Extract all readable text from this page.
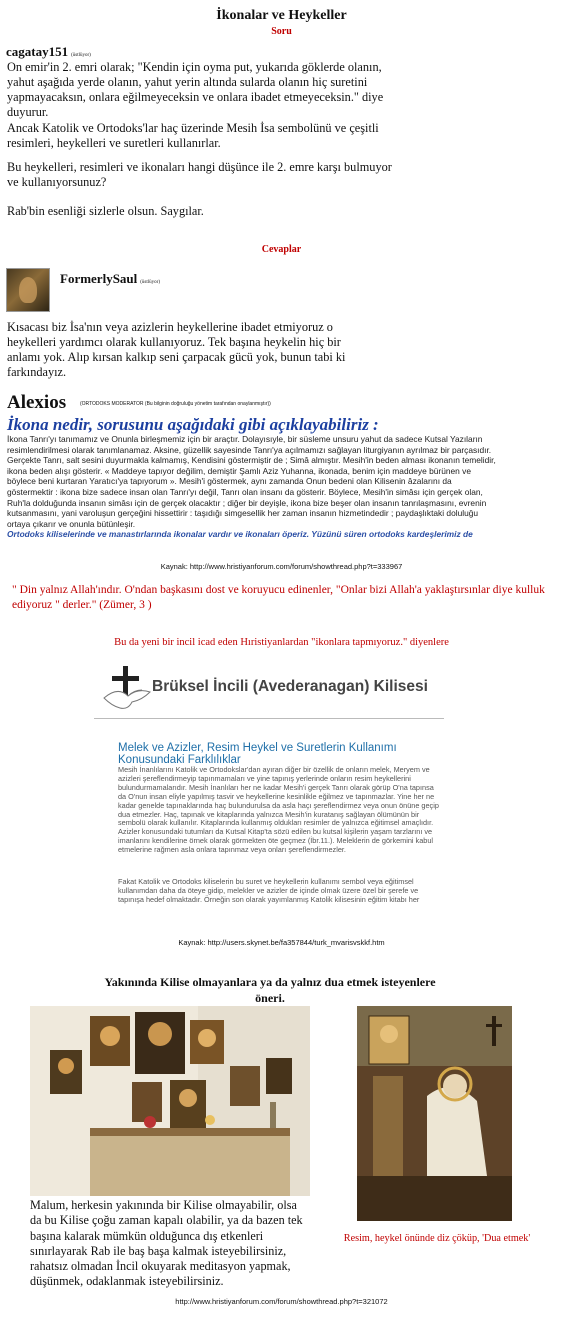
İkonalar ve Heykeller
Soru
cagatay151 (üstlüyor)
On emir'in 2. emri olarak; "Kendin için oyma put, yukarıda göklerde olanın, yahut aşağıda yerde olanın, yahut yerin altında sularda olanın hiç suretini yapmayacaksın, onlara eğilmeyeceksin ve onlara ibadet etmeyeceksin." diye duyurur.
Ancak Katolik ve Ortodoks'lar haç üzerinde Mesih İsa sembolünü ve çeşitli resimleri, heykelleri ve suretleri kullanırlar.
Bu heykelleri, resimleri ve ikonaları hangi düşünce ile 2. emre karşı bulmuyor ve kullanıyorsunuz?
Rab'bin esenliği sizlerle olsun. Saygılar.
Cevaplar
FormerlySaul (üstlüyor)
Kısacası biz İsa'nın veya azizlerin heykellerine ibadet etmiyoruz o heykelleri yardımcı olarak kullanıyoruz. Tek başına heykelin hiç bir anlamı yok. Alıp kırsan kalkıp seni çarpacak gücü yok, bunun tabi ki farkındayız.
Alexios	(ORTODOKS MODERATOR (Bu bilginin doğruluğu yönetim tarafından onaylanmıştır))
İkona nedir, sorusunu aşağıdaki gibi açıklayabiliriz :
İkona Tanrı'yı tanımamız ve Onunla birleşmemiz için bir araçtır. Dolayısıyle, bir süsleme unsuru yahut da sadece Kutsal Yazıların resimlendirilmesi olarak tanımlanamaz. Aksine, güzellik sayesinde Tanrı'ya açılmamızı sağlayan liturgiyanın ayrılmaz bir parçasıdır. Gerçekte Tanrı, salt sesini duyurmakla kalmamış, Kendisini göstermiştir de ; Simâ almıştır. Mesih'in beden alması ikonanın temelidir, ikona beden alışı gösterir. « Maddeye tapıyor değilim, demiştir Şamlı Aziz Yuhanna, ikonada, benim için maddeye bürünen ve böylece beni kurtaran Yaratıcı'ya tapıyorum ». Mesih'i göstermek, aynı zamanda Onun bedeni olan Kilisenin âzalarını da göstermektir : ikona bize sadece insan olan Tanrı'yı değil, Tanrı olan insanı da gösterir. Böylece, Mesih'in simâsı için gerçek olan, Ruh'la dolduğunda insanın simâsı için de gerçek olacaktır ; diğer bir deyişle, ikona bize beşer olan insanın tanrılaşmasını, evrenin kutsanmasını, yani varoluşun gerçeğini hissettirir : taşıdığı simgesellik her zaman insanın hizmetindedir ; paydaşlıktaki doluluğu ortaya çıkarır ve onunla bütünleşir.
Ortodoks kiliselerinde ve manastırlarında ikonalar vardır ve ikonaları öperiz. Yüzünü süren ortodoks kardeşlerimiz de
Kaynak: http://www.hristiyanforum.com/forum/showthread.php?t=333967
" Din yalnız Allah'ındır. O'ndan başkasını dost ve koruyucu edinenler, "Onlar bizi Allah'a yaklaştırsınlar diye kulluk ediyoruz " derler." (Zümer, 3 )
Bu da yeni bir incil icad eden Hıristiyanlardan "ikonlara tapmıyoruz." diyenlere
Brüksel İncili (Avederanagan) Kilisesi
Melek ve Azizler, Resim Heykel ve Suretlerin Kullanımı Konusundaki Farklılıklar
Mesih İnanlılarını Katolik ve Ortodokslar'dan ayıran diğer bir özellik de onların melek, Meryem ve azizleri şereflendirmeyip tapınmamaları ve yine tapınış yerlerinde onların resim heykellerini bulundurmamalarıdır. Mesih İnanlıları her ne kadar Mesih'i gerçek Tanrı olarak görüp O'na tapınsa da O'nun insan eliyle yapılmış tasvir ve heykellerine kesinlikle eğilmez ve tapınmazlar. Yine her ne kadar genelde tapınaklarında haç bulundurulsa da asla haçı şereflendirmez veya onun önüne geçip dua etmezler. Haç, tapınak ve kitaplarında yalnızca Mesih'in kuratanış sağlayan ölümünün bir sembolü olarak kullanılır. Kitaplarında kullanmış oldukları resimler de yalnızca eğitimsel amaçlıdır. Azizler konusundaki tutumları da Kutsal Kitap'ta sözü edilen bu kutsal kişilerin yaşam tarzlarını ve imanlarını kendilerine örnek olarak görmekten öte geçmez (İbr.11.). Meleklerin de görkemini kabul etmelerine rağmen asla onlara tapınmaz veya onları şereflendirmezler.
Fakat Katolik ve Ortodoks kiliselerin bu suret ve heykellerin kullanımı sembol veya eğitimsel kullanımdan daha da öteye gidip, melekler ve azizler de içinde olmak üzere özel bir şerefe ve tapınışa hedef olmaktadır. Örneğin son olarak yayımlanmış Katolik kilisesinin eğitim kitabı her
Kaynak: http://users.skynet.be/fa357844/turk_mvarisvskkf.htm
Yakınında Kilise olmayanlara ya da yalnız dua etmek isteyenlere öneri.
Malum, herkesin yakınında bir Kilise olmayabilir, olsa da bu Kilise çoğu zaman kapalı olabilir, ya da bazen tek başına kalarak mümkün olduğunca dış etkenleri sınırlayarak Rab ile baş başa kalmak isteyebilirsiniz, rahatsız olmadan İncil okuyarak meditasyon yapmak, düşünmek, odaklanmak isteyebilirsiniz.
Resim, heykel önünde diz çöküp, 'Dua etmek'
http://www.hristiyanforum.com/forum/showthread.php?t=321072
